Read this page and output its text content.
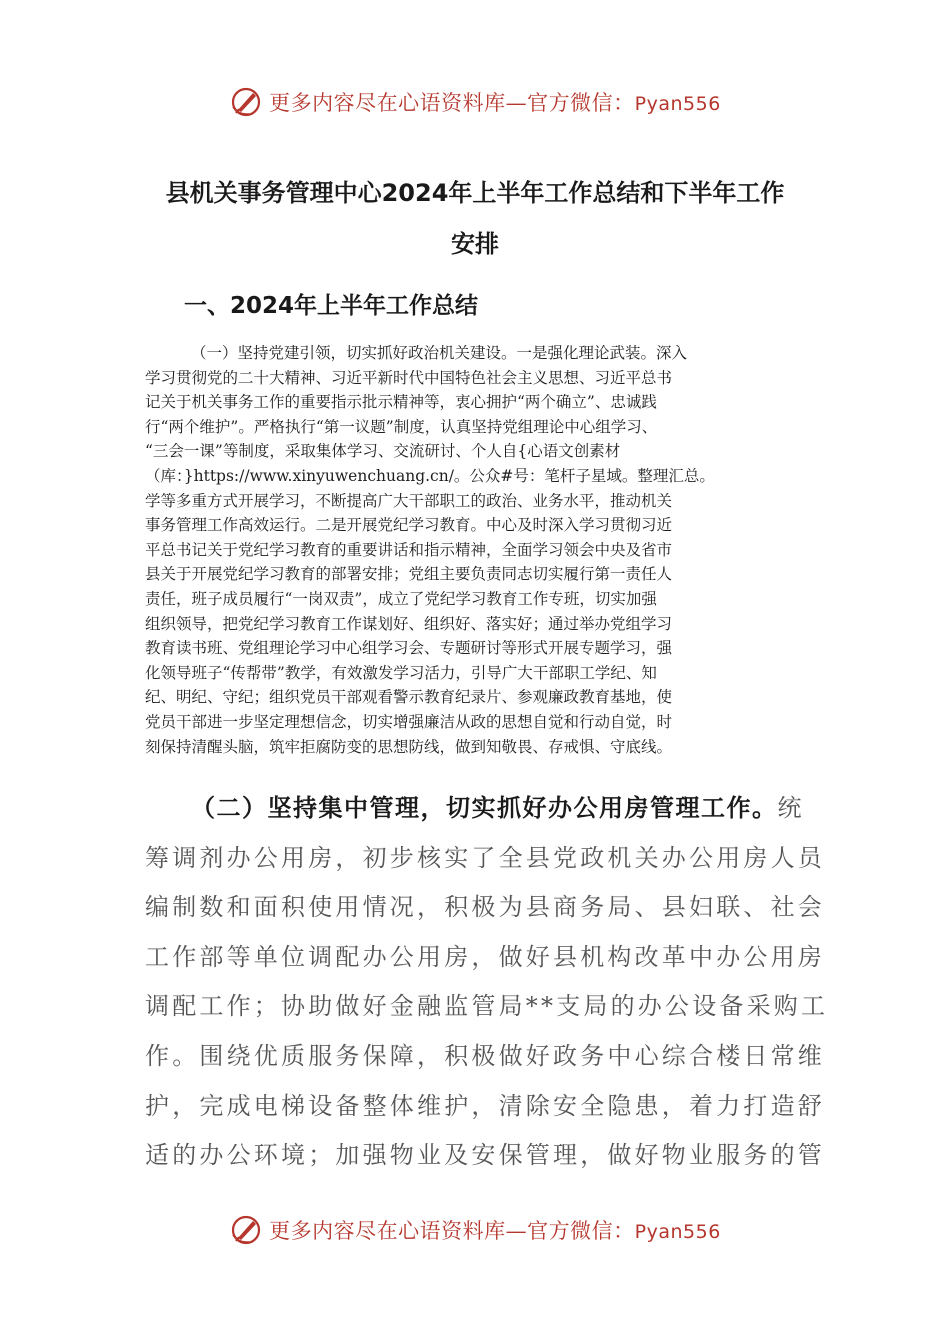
更多内容尽在心语资料库—官方微信：Pyan556
县机关事务管理中心2024年上半年工作总结和下半年工作
安排
一、2024年上半年工作总结
（一）坚持党建引领，切实抓好政治机关建设。一是强化理论武装。深入
学习贯彻党的二十大精神、习近平新时代中国特色社会主义思想、习近平总书
记关于机关事务工作的重要指示批示精神等，衷心拥护“两个确立”、忠诚践
行“两个维护”。严格执行“第一议题”制度，认真坚持党组理论中心组学习、
“三会一课”等制度，采取集体学习、交流研讨、个人自{心语文创素材
（库：}https://www.xinyuwenchuang.cn/。公众#号：笔杆子星域。整理汇总。
学等多重方式开展学习，不断提高广大干部职工的政治、业务水平，推动机关
事务管理工作高效运行。二是开展党纪学习教育。中心及时深入学习贯彻习近
平总书记关于党纪学习教育的重要讲话和指示精神，全面学习领会中央及省市
县关于开展党纪学习教育的部署安排；党组主要负责同志切实履行第一责任人
责任，班子成员履行“一岗双责”，成立了党纪学习教育工作专班，切实加强
组织领导，把党纪学习教育工作谋划好、组织好、落实好；通过举办党组学习
教育读书班、党组理论学习中心组学习会、专题研讨等形式开展专题学习，强
化领导班子“传帮带”教学，有效激发学习活力，引导广大干部职工学纪、知
纪、明纪、守纪；组织党员干部观看警示教育纪录片、参观廉政教育基地，使
党员干部进一步坚定理想信念，切实增强廉洁从政的思想自觉和行动自觉，时
刻保持清醒头脑，筑牢拒腐防变的思想防线，做到知敬畏、存戒惧、守底线。
（二）坚持集中管理，切实抓好办公用房管理工作。统
筹调剂办公用房，初步核实了全县党政机关办公用房人员
编制数和面积使用情况，积极为县商务局、县妇联、社会
工作部等单位调配办公用房，做好县机构改革中办公用房
调配工作；协助做好金融监管局**支局的办公设备采购工
作。围绕优质服务保障，积极做好政务中心综合楼日常维
护，完成电梯设备整体维护，清除安全隐患，着力打造舒
适的办公环境；加强物业及安保管理，做好物业服务的管
更多内容尽在心语资料库—官方微信：Pyan556
